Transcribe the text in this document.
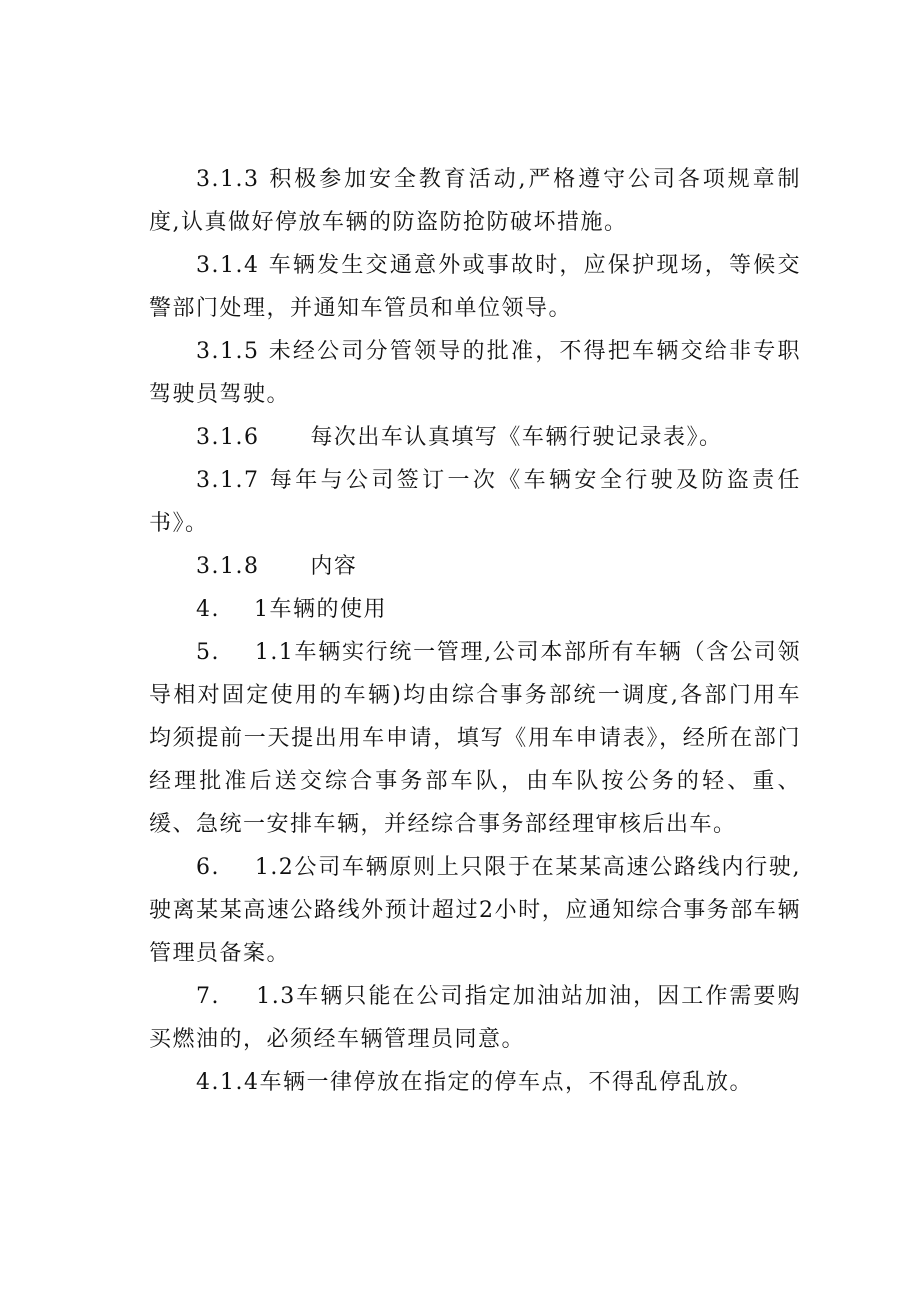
3.1.3 积极参加安全教育活动,严格遵守公司各项规章制度,认真做好停放车辆的防盗防抢防破坏措施。

3.1.4 车辆发生交通意外或事故时，应保护现场，等候交警部门处理，并通知车管员和单位领导。

3.1.5 未经公司分管领导的批准，不得把车辆交给非专职驾驶员驾驶。

3.1.6      每次出车认真填写《车辆行驶记录表》。

3.1.7 每年与公司签订一次《车辆安全行驶及防盗责任书》。

3.1.8      内容

4.    1车辆的使用

5.    1.1车辆实行统一管理,公司本部所有车辆（含公司领导相对固定使用的车辆)均由综合事务部统一调度,各部门用车均须提前一天提出用车申请，填写《用车申请表》，经所在部门经理批准后送交综合事务部车队，由车队按公务的轻、重、缓、急统一安排车辆，并经综合事务部经理审核后出车。

6.    1.2公司车辆原则上只限于在某某高速公路线内行驶,驶离某某高速公路线外预计超过2小时，应通知综合事务部车辆管理员备案。

7.    1.3车辆只能在公司指定加油站加油，因工作需要购买燃油的，必须经车辆管理员同意。

4.1.4车辆一律停放在指定的停车点，不得乱停乱放。
